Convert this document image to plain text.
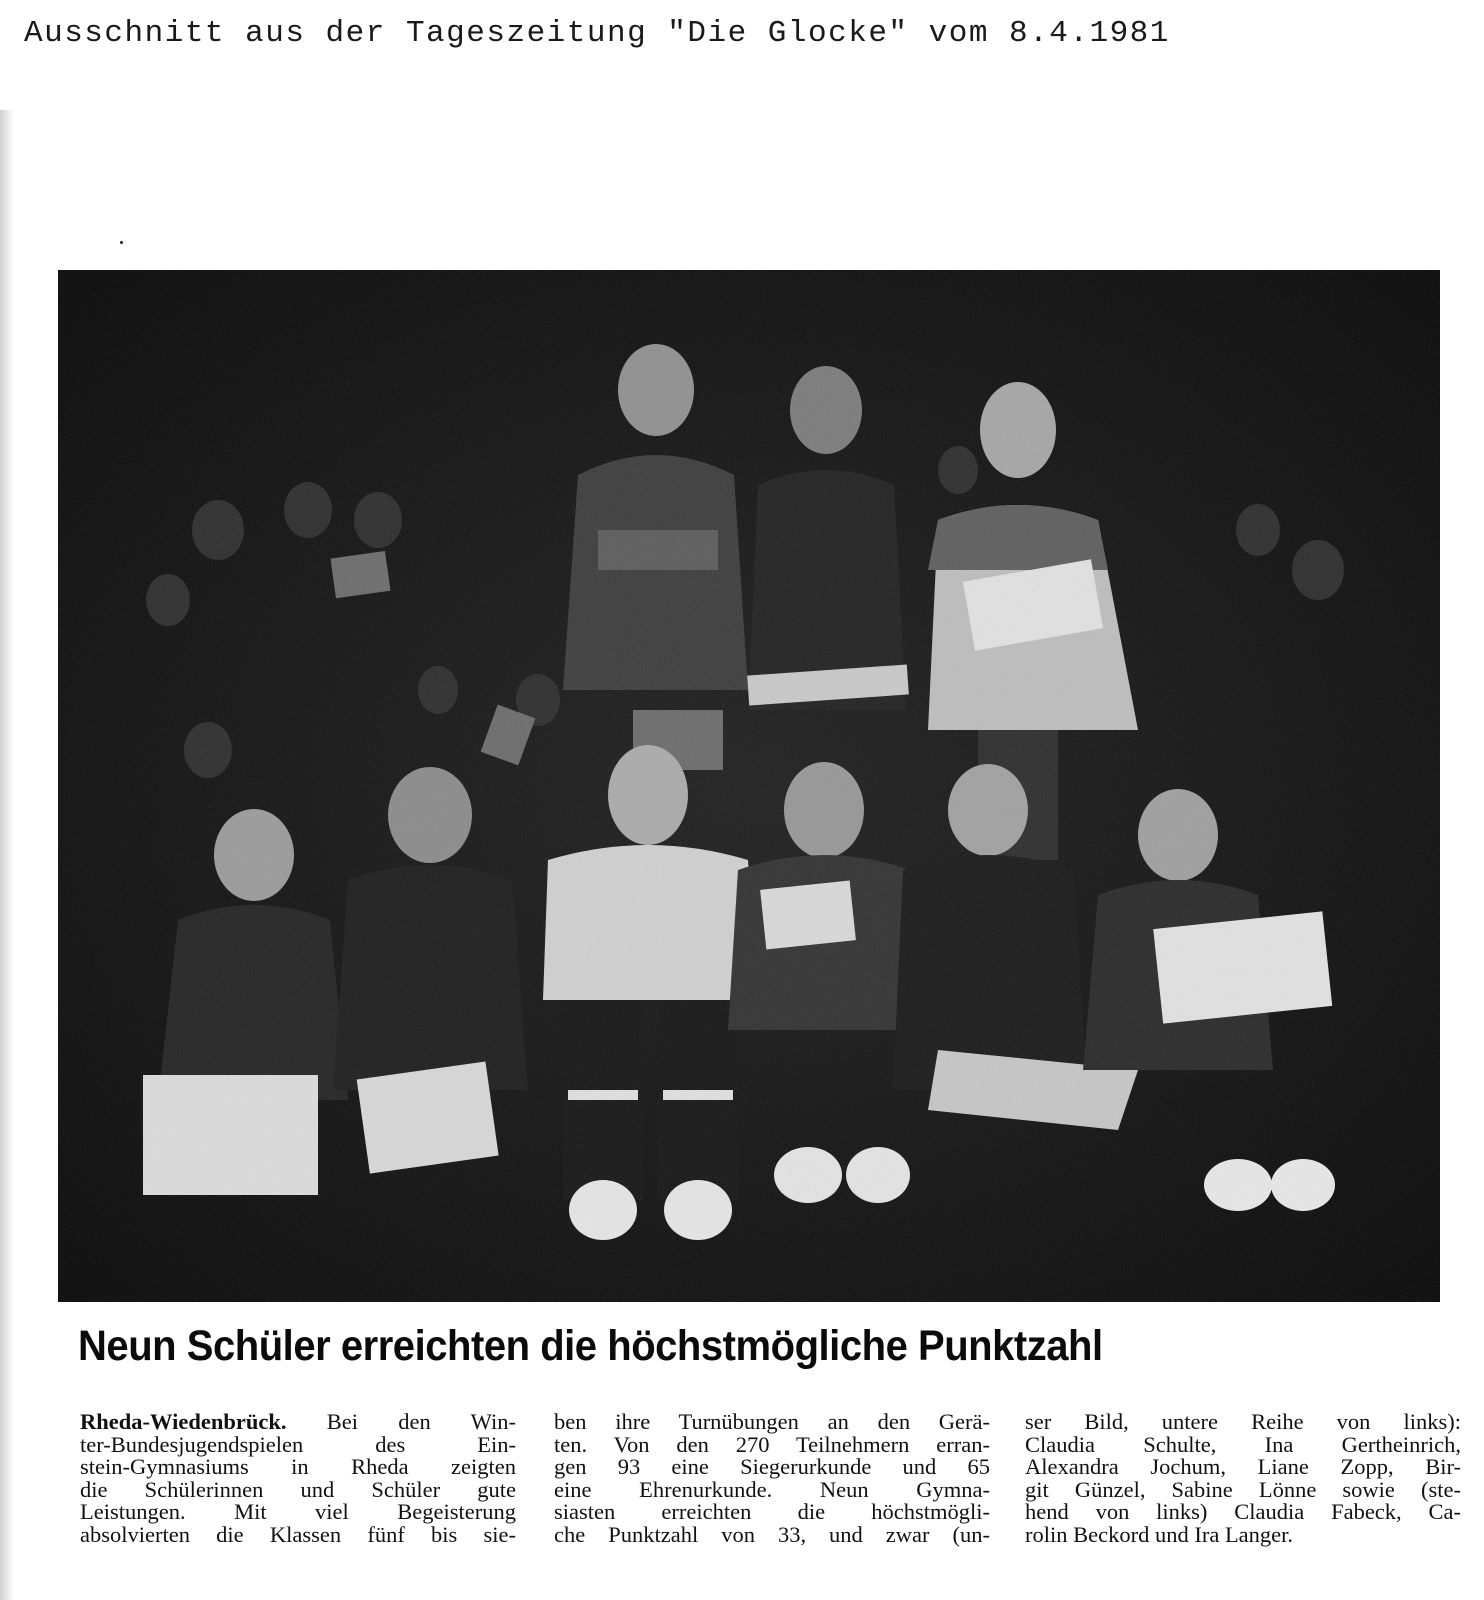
Ausschnitt aus der Tageszeitung "Die Glocke" vom 8.4.1981
Neun Schüler erreichten die höchstmögliche Punktzahl
Rheda-Wiedenbrück. Bei den Win-
ter-Bundesjugendspielen des Ein-
stein-Gymnasiums in Rheda zeigten
die Schülerinnen und Schüler gute
Leistungen. Mit viel Begeisterung
absolvierten die Klassen fünf bis sie-
ben ihre Turnübungen an den Gerä-
ten. Von den 270 Teilnehmern erran-
gen 93 eine Siegerurkunde und 65
eine Ehrenurkunde. Neun Gymna-
siasten erreichten die höchstmögli-
che Punktzahl von 33, und zwar (un-
ser Bild, untere Reihe von links):
Claudia Schulte, Ina Gertheinrich,
Alexandra Jochum, Liane Zopp, Bir-
git Günzel, Sabine Lönne sowie (ste-
hend von links) Claudia Fabeck, Ca-
rolin Beckord und Ira Langer.
